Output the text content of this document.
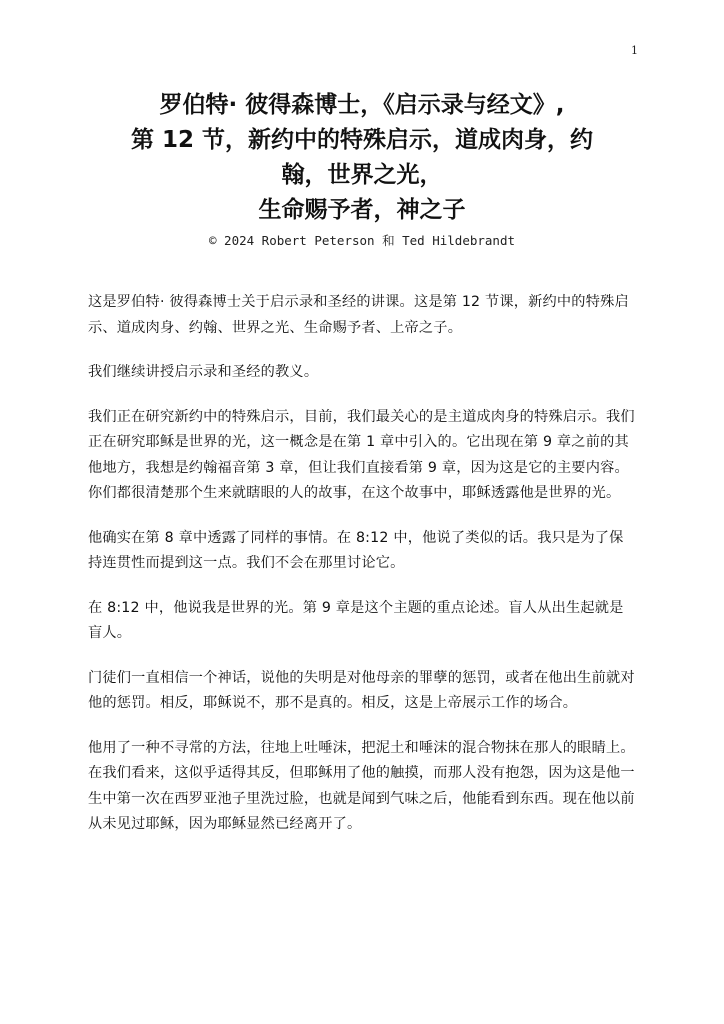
1
罗伯特· 彼得森博士，《启示录与经文》,
第 12 节，新约中的特殊启示，道成肉身，约
翰，世界之光，
生命赐予者，神之子
© 2024 Robert Peterson 和 Ted Hildebrandt

这是罗伯特· 彼得森博士关于启示录和圣经的讲课。这是第 12 节课，新约中的特殊启示、道成肉身、约翰、世界之光、生命赐予者、上帝之子。

我们继续讲授启示录和圣经的教义。

我们正在研究新约中的特殊启示，目前，我们最关心的是主道成肉身的特殊启示。我们正在研究耶稣是世界的光，这一概念是在第 1 章中引入的。它出现在第 9 章之前的其他地方，我想是约翰福音第 3 章，但让我们直接看第 9 章，因为这是它的主要内容。你们都很清楚那个生来就瞎眼的人的故事，在这个故事中，耶稣透露他是世界的光。

他确实在第 8 章中透露了同样的事情。在 8:12 中，他说了类似的话。我只是为了保持连贯性而提到这一点。我们不会在那里讨论它。

在 8:12 中，他说我是世界的光。第 9 章是这个主题的重点论述。盲人从出生起就是盲人。

门徒们一直相信一个神话，说他的失明是对他母亲的罪孽的惩罚，或者在他出生前就对他的惩罚。相反，耶稣说不，那不是真的。相反，这是上帝展示工作的场合。

他用了一种不寻常的方法，往地上吐唾沫，把泥土和唾沫的混合物抹在那人的眼睛上。在我们看来，这似乎适得其反，但耶稣用了他的触摸，而那人没有抱怨，因为这是他一生中第一次在西罗亚池子里洗过脸，也就是闻到气味之后，他能看到东西。现在他以前从未见过耶稣，因为耶稣显然已经离开了。
